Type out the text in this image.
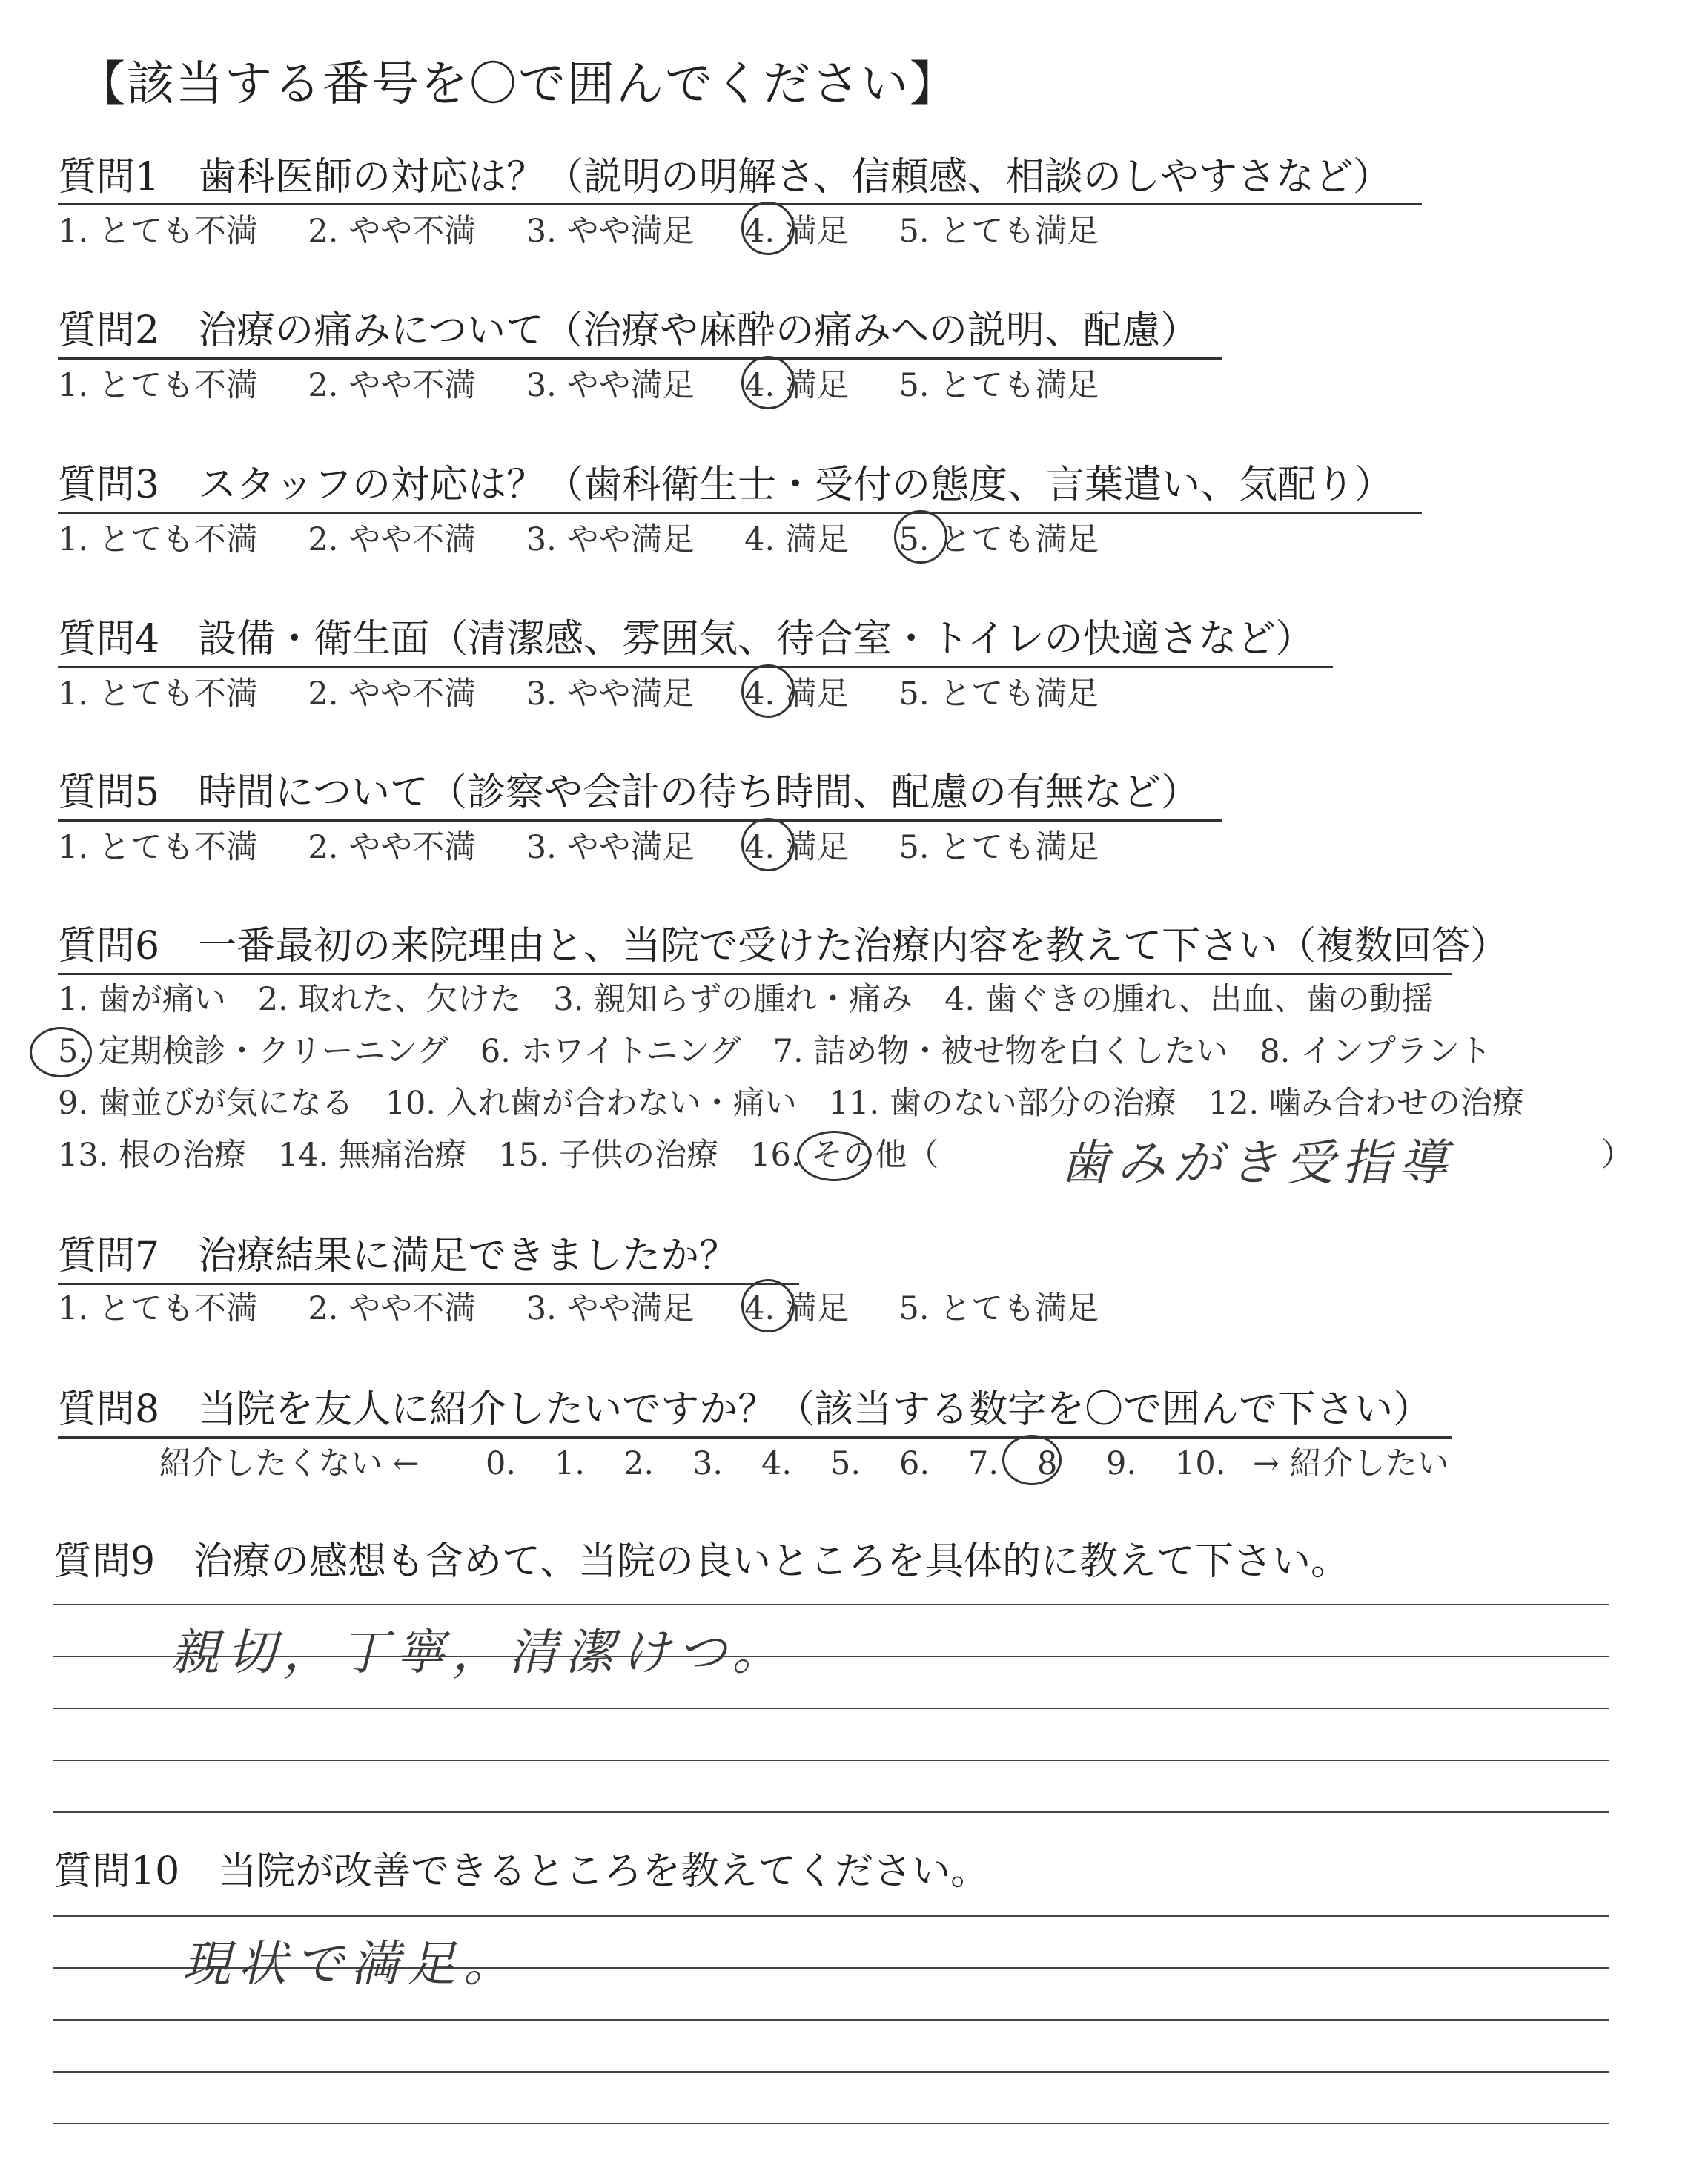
【該当する番号を〇で囲んでください】
質問1　歯科医師の対応は？（説明の明解さ、信頼感、相談のしやすさなど）
1. とても不満 2. やや不満 3. やや満足 4. 満足 5. とても満足
質問2　治療の痛みについて（治療や麻酔の痛みへの説明、配慮）
1. とても不満 2. やや不満 3. やや満足 4. 満足 5. とても満足
質問3　スタッフの対応は？（歯科衛生士・受付の態度、言葉遣い、気配り）
1. とても不満 2. やや不満 3. やや満足 4. 満足 5. とても満足
質問4　設備・衛生面（清潔感、雰囲気、待合室・トイレの快適さなど）
1. とても不満 2. やや不満 3. やや満足 4. 満足 5. とても満足
質問5　時間について（診察や会計の待ち時間、配慮の有無など）
1. とても不満 2. やや不満 3. やや満足 4. 満足 5. とても満足
質問6　一番最初の来院理由と、当院で受けた治療内容を教えて下さい（複数回答）
1. 歯が痛い　2. 取れた、欠けた　3. 親知らずの腫れ・痛み　4. 歯ぐきの腫れ、出血、歯の動揺
5. 定期検診・クリーニング　6. ホワイトニング　7. 詰め物・被せ物を白くしたい　8. インプラント
9. 歯並びが気になる　10. 入れ歯が合わない・痛い　11. 歯のない部分の治療　12. 噛み合わせの治療
13. 根の治療　14. 無痛治療　15. 子供の治療　16. その他（	）
歯みがき受指導
質問7　治療結果に満足できましたか？
1. とても不満 2. やや不満 3. やや満足 4. 満足 5. とても満足
質問8　当院を友人に紹介したいですか？（該当する数字を〇で囲んで下さい）
紹介したくない ← 0. 1. 2. 3. 4. 5. 6. 7. 8 9. 10. → 紹介したい
質問9　治療の感想も含めて、当院の良いところを具体的に教えて下さい。
親切，丁寧，清潔けつ。
質問10　当院が改善できるところを教えてください。
現状で満足。
